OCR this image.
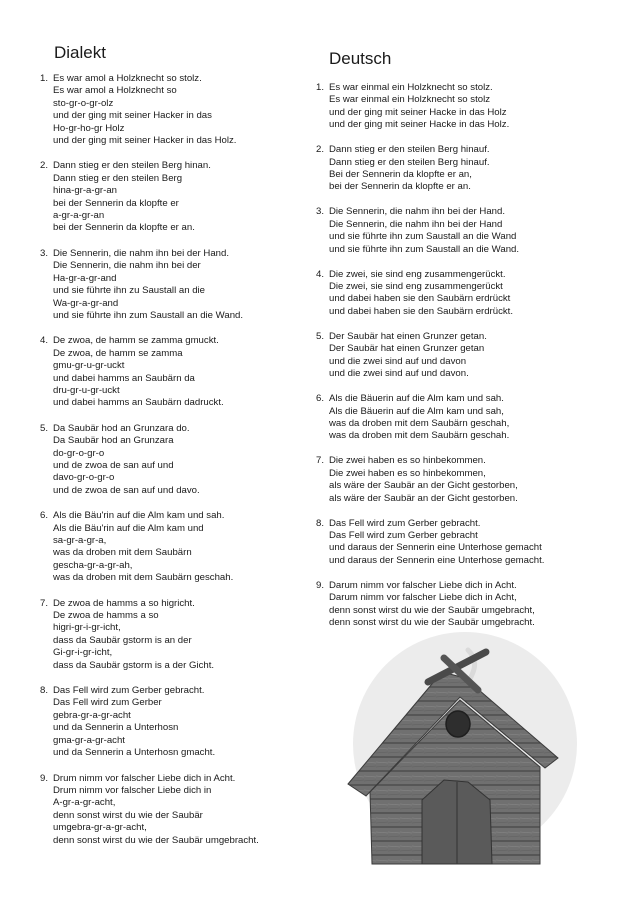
Dialekt
1. Es war amol a Holzknecht so stolz.
Es war amol a Holzknecht so
sto-gr-o-gr-olz
und der ging mit seiner Hacker in das
Ho-gr-ho-gr Holz
und der ging mit seiner Hacker in das Holz.
2. Dann stieg er den steilen Berg hinan.
Dann stieg er den steilen Berg
hina-gr-a-gr-an
bei der Sennerin da klopfte er
a-gr-a-gr-an
bei der Sennerin da klopfte er an.
3. Die Sennerin, die nahm ihn bei der Hand.
Die Sennerin, die nahm ihn bei der
Ha-gr-a-gr-and
und sie führte ihn zu Saustall an die
Wa-gr-a-gr-and
und sie führte ihn zum Saustall an die Wand.
4. De zwoa, de hamm se zamma gmuckt.
De zwoa, de hamm se zamma
gmu-gr-u-gr-uckt
und dabei hamms an Saubärn da
dru-gr-u-gr-uckt
und dabei hamms an Saubärn dadruckt.
5. Da Saubär hod an Grunzara do.
Da Saubär hod an Grunzara
do-gr-o-gr-o
und de zwoa de san auf und
davo-gr-o-gr-o
und de zwoa de san auf und davo.
6. Als die Bäu'rin auf die Alm kam und sah.
Als die Bäu'rin auf die Alm kam und
sa-gr-a-gr-a,
was da droben mit dem Saubärn
gescha-gr-a-gr-ah,
was da droben mit dem Saubärn geschah.
7. De zwoa de hamms a so higricht.
De zwoa de hamms a so
higri-gr-i-gr-icht,
dass da Saubär gstorm is an der
Gi-gr-i-gr-icht,
dass da Saubär gstorm is a der Gicht.
8. Das Fell wird zum Gerber gebracht.
Das Fell wird zum Gerber
gebra-gr-a-gr-acht
und da Sennerin a Unterhosn
gma-gr-a-gr-acht
und da Sennerin a Unterhosn gmacht.
9. Drum nimm vor falscher Liebe dich in Acht.
Drum nimm vor falscher Liebe dich in
A-gr-a-gr-acht,
denn sonst wirst du wie der Saubär
umgebra-gr-a-gr-acht,
denn sonst wirst du wie der Saubär umgebracht.
Deutsch
1. Es war einmal ein Holzknecht so stolz.
Es war einmal ein Holzknecht so stolz
und der ging mit seiner Hacke in das Holz
und der ging mit seiner Hacke in das Holz.
2. Dann stieg er den steilen Berg hinauf.
Dann stieg er den steilen Berg hinauf.
Bei der Sennerin da klopfte er an,
bei der Sennerin da klopfte er an.
3. Die Sennerin, die nahm ihn bei der Hand.
Die Sennerin, die nahm ihn bei der Hand
und sie führte ihn zum Saustall an die Wand
und sie führte ihn zum Saustall an die Wand.
4. Die zwei, sie sind eng zusammengerückt.
Die zwei, sie sind eng zusammengerückt
und dabei haben sie den Saubärn erdrückt
und dabei haben sie den Saubärn erdrückt.
5. Der Saubär hat einen Grunzer getan.
Der Saubär hat einen Grunzer getan
und die zwei sind auf und davon
und die zwei sind auf und davon.
6. Als die Bäuerin auf die Alm kam und sah.
Als die Bäuerin auf die Alm kam und sah,
was da droben mit dem Saubärn geschah,
was da droben mit dem Saubärn geschah.
7. Die zwei haben es so hinbekommen.
Die zwei haben es so hinbekommen,
als wäre der Saubär an der Gicht gestorben,
als wäre der Saubär an der Gicht gestorben.
8. Das Fell wird zum Gerber gebracht.
Das Fell wird zum Gerber gebracht
und daraus der Sennerin eine Unterhose gemacht
und daraus der Sennerin eine Unterhose gemacht.
9. Darum nimm vor falscher Liebe dich in Acht.
Darum nimm vor falscher Liebe dich in Acht,
denn sonst wirst du wie der Saubär umgebracht,
denn sonst wirst du wie der Saubär umgebracht.
